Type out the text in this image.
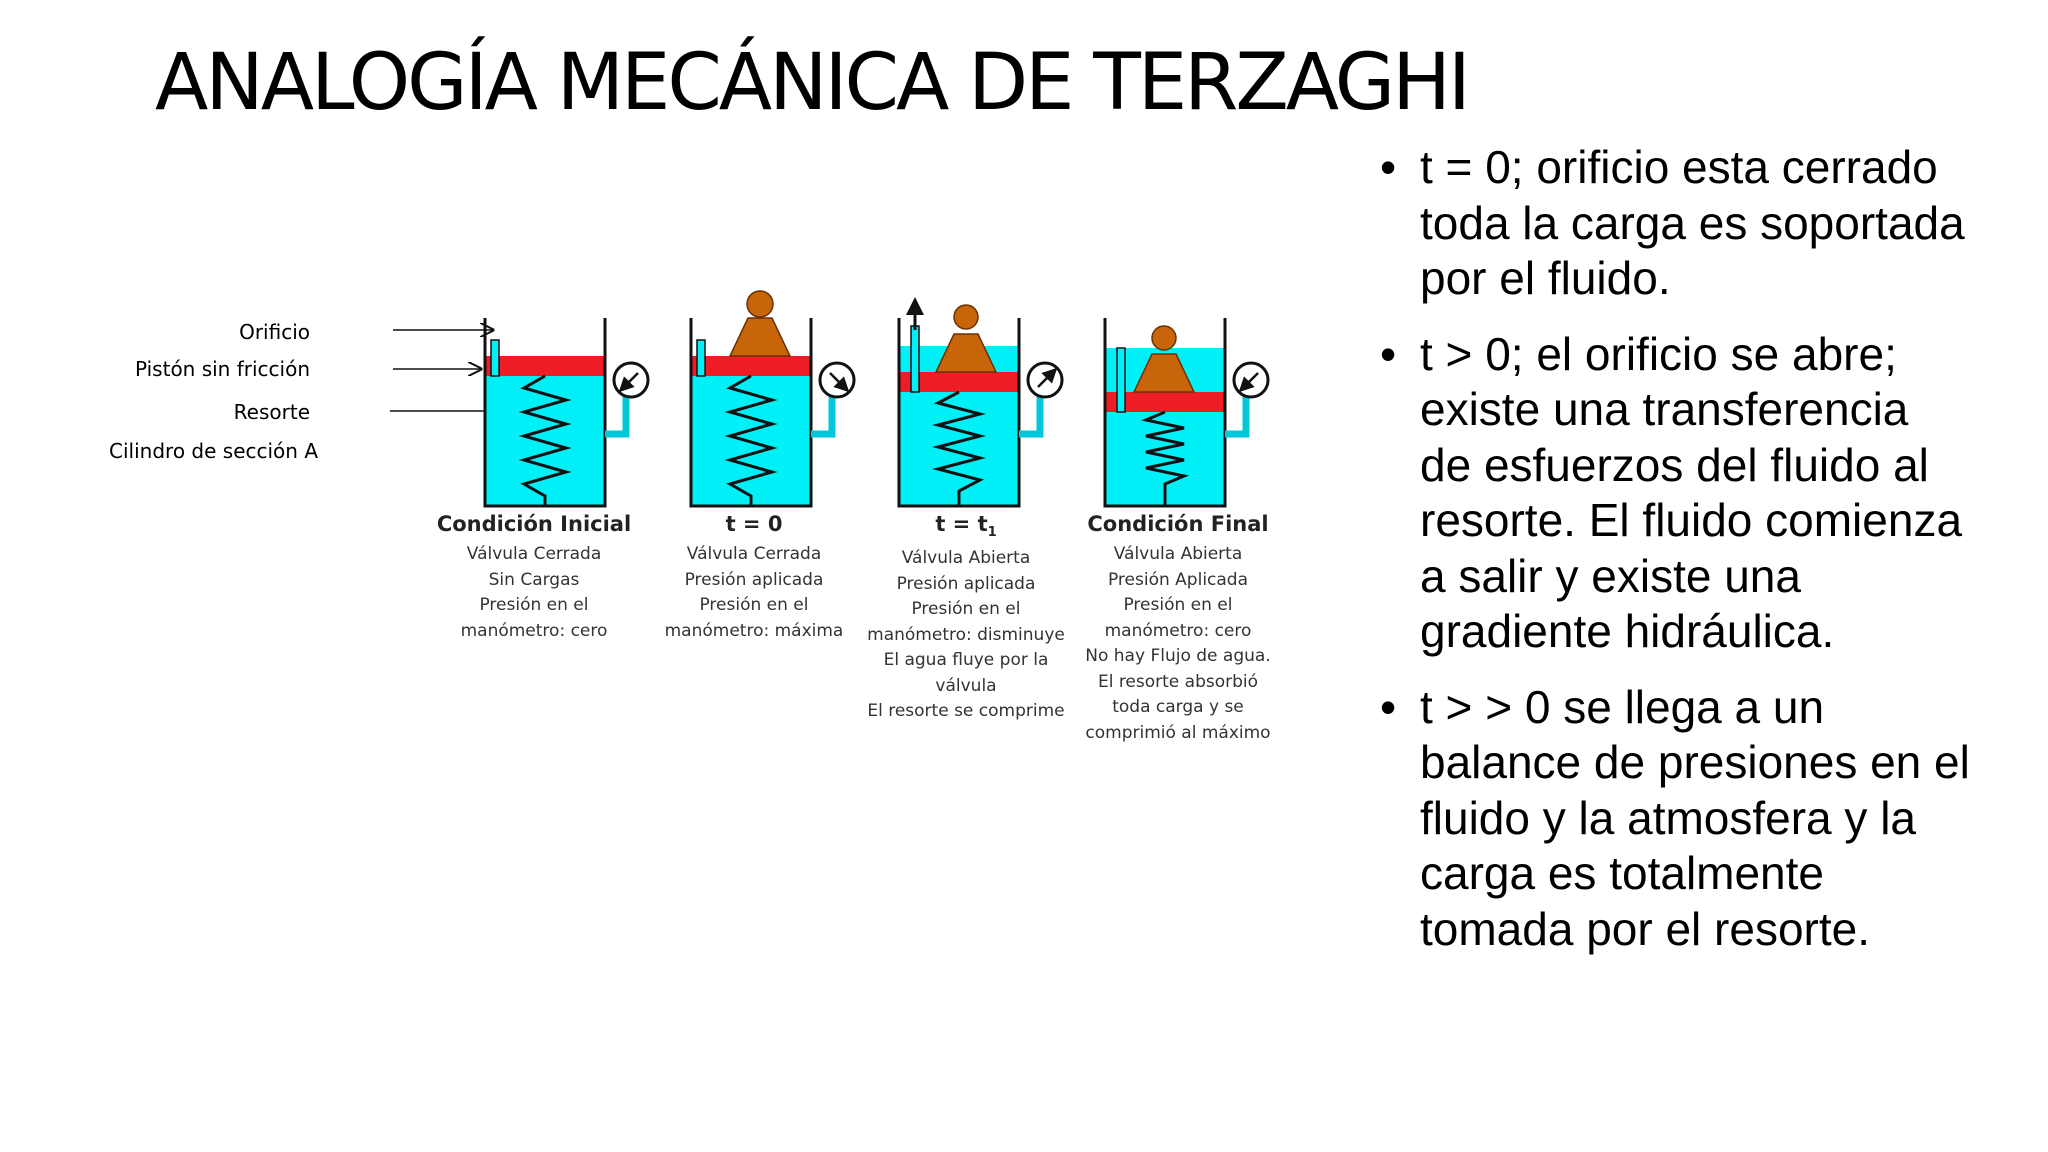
ANALOGÍA MECÁNICA DE TERZAGHI
Orificio
Pistón sin fricción
Resorte
Cilindro de sección A
Condición Inicial
Válvula Cerrada
Sin Cargas
Presión en el
manómetro: cero
t = 0
Válvula Cerrada
Presión aplicada
Presión en el
manómetro: máxima
$t = t_1$
Válvula Abierta
Presión aplicada
Presión en el
manómetro: disminuye
El agua fluye por la
válvula
El resorte se comprime
Condición Final
Válvula Abierta
Presión Aplicada
Presión en el
manómetro: cero
No hay Flujo de agua.
El resorte absorbió
toda carga y se
comprimió al máximo
• t = 0; orificio esta cerrado
toda la carga es soportada
por el fluido.
• t > 0; el orificio se abre;
existe una transferencia
de esfuerzos del fluido al
resorte. El fluido comienza
a salir y existe una
gradiente hidráulica.
• t > > 0 se llega a un
balance de presiones en el
fluido y la atmosfera y la
carga es totalmente
tomada por el resorte.
